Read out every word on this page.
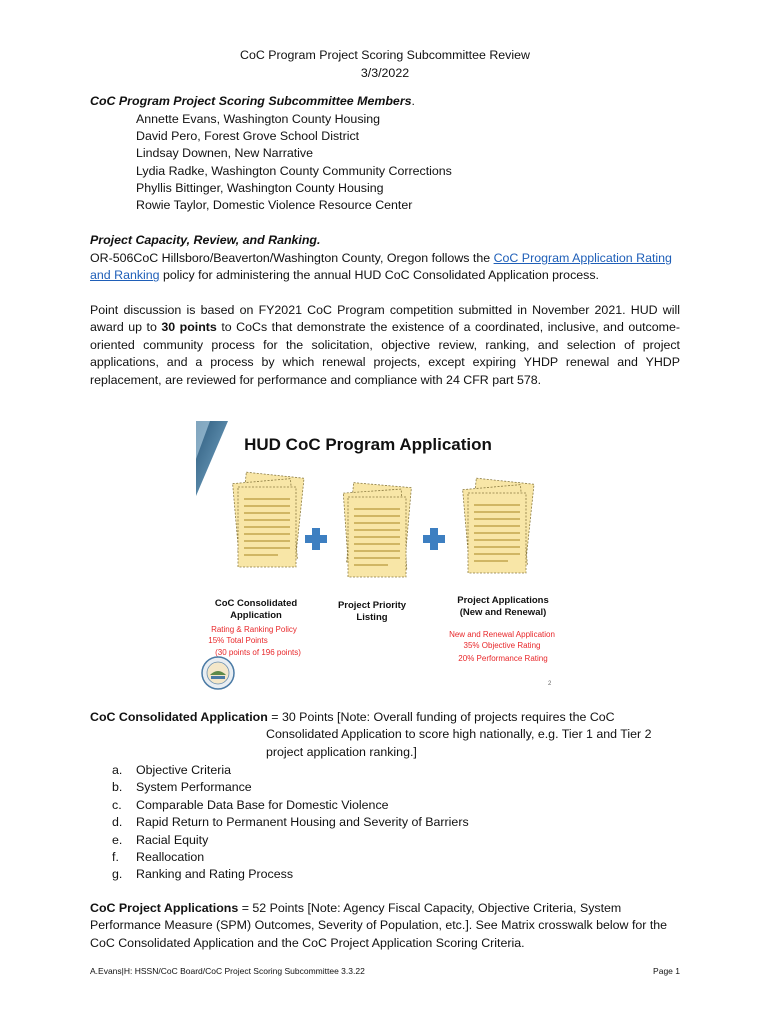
CoC Program Project Scoring Subcommittee Review
3/3/2022
CoC Program Project Scoring Subcommittee Members.
Annette Evans, Washington County Housing
David Pero, Forest Grove School District
Lindsay Downen, New Narrative
Lydia Radke, Washington County Community Corrections
Phyllis Bittinger, Washington County Housing
Rowie Taylor, Domestic Violence Resource Center
Project Capacity, Review, and Ranking.
OR-506CoC Hillsboro/Beaverton/Washington County, Oregon follows the CoC Program Application Rating and Ranking policy for administering the annual HUD CoC Consolidated Application process.
Point discussion is based on FY2021 CoC Program competition submitted in November 2021. HUD will award up to 30 points to CoCs that demonstrate the existence of a coordinated, inclusive, and outcome-oriented community process for the solicitation, objective review, ranking, and selection of project applications, and a process by which renewal projects, except expiring YHDP renewal and YHDP replacement, are reviewed for performance and compliance with 24 CFR part 578.
HUD CoC Program Application
CoC Consolidated
Application
Project Priority
Listing
Project Applications
(New and Renewal)
Rating & Ranking Policy
15% Total Points
(30 points of 196 points)
New and Renewal Application
35% Objective Rating
20% Performance Rating
2
CoC Consolidated Application = 30 Points [Note: Overall funding of projects requires the CoC
Consolidated Application to score high nationally, e.g. Tier 1 and Tier 2 project application ranking.]
a.	Objective Criteria
b.	System Performance
c.	Comparable Data Base for Domestic Violence
d.	Rapid Return to Permanent Housing and Severity of Barriers
e.	Racial Equity
f.	Reallocation
g.	Ranking and Rating Process
CoC Project Applications = 52 Points [Note: Agency Fiscal Capacity, Objective Criteria, System Performance Measure (SPM) Outcomes, Severity of Population, etc.]. See Matrix crosswalk below for the CoC Consolidated Application and the CoC Project Application Scoring Criteria.
A.Evans|H: HSSN/CoC Board/CoC Project Scoring Subcommittee 3.3.22	Page 1
